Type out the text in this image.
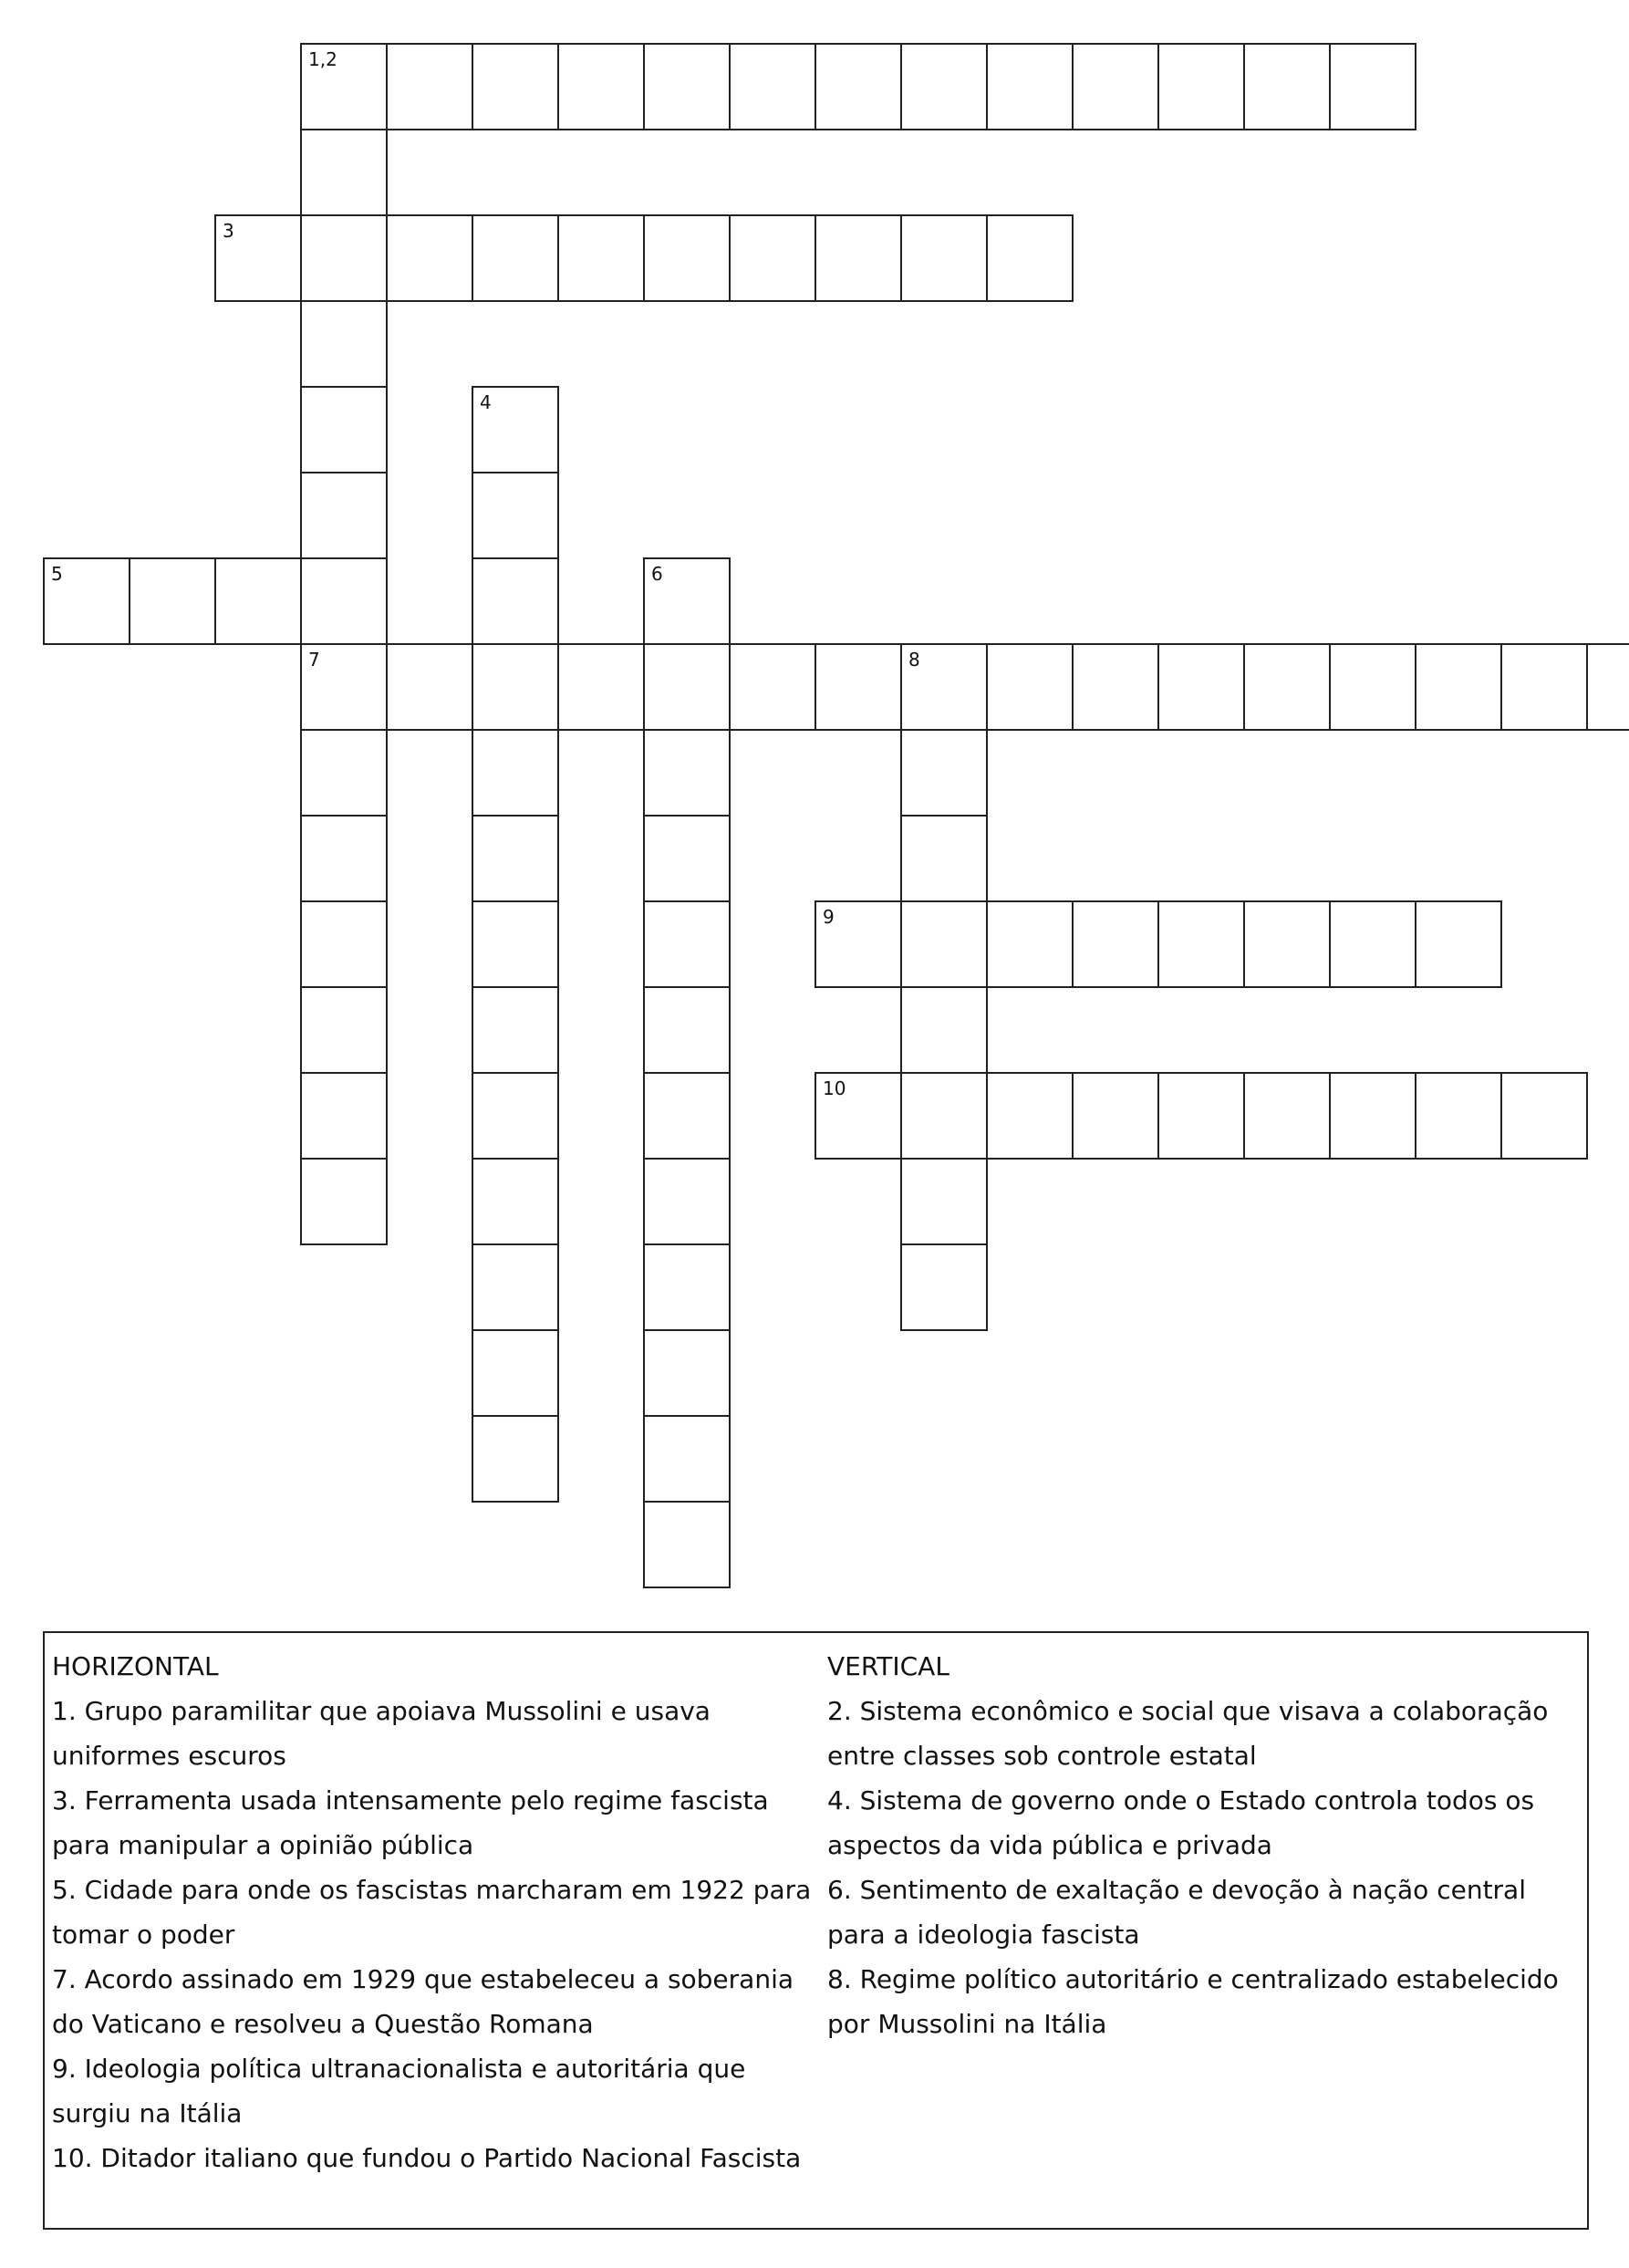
1,2
7
3
4
5	6
8
9
10
HORIZONTAL
1. Grupo paramilitar que apoiava Mussolini e usava uniformes escuros
3. Ferramenta usada intensamente pelo regime fascista para manipular a opinião pública
5. Cidade para onde os fascistas marcharam em 1922 para tomar o poder
7. Acordo assinado em 1929 que estabeleceu a soberania do Vaticano e resolveu a Questão Romana
9. Ideologia política ultranacionalista e autoritária que surgiu na Itália
10. Ditador italiano que fundou o Partido Nacional Fascista
VERTICAL
2. Sistema econômico e social que visava a colaboração entre classes sob controle estatal
4. Sistema de governo onde o Estado controla todos os aspectos da vida pública e privada
6. Sentimento de exaltação e devoção à nação central para a ideologia fascista
8. Regime político autoritário e centralizado estabelecido por Mussolini na Itália
